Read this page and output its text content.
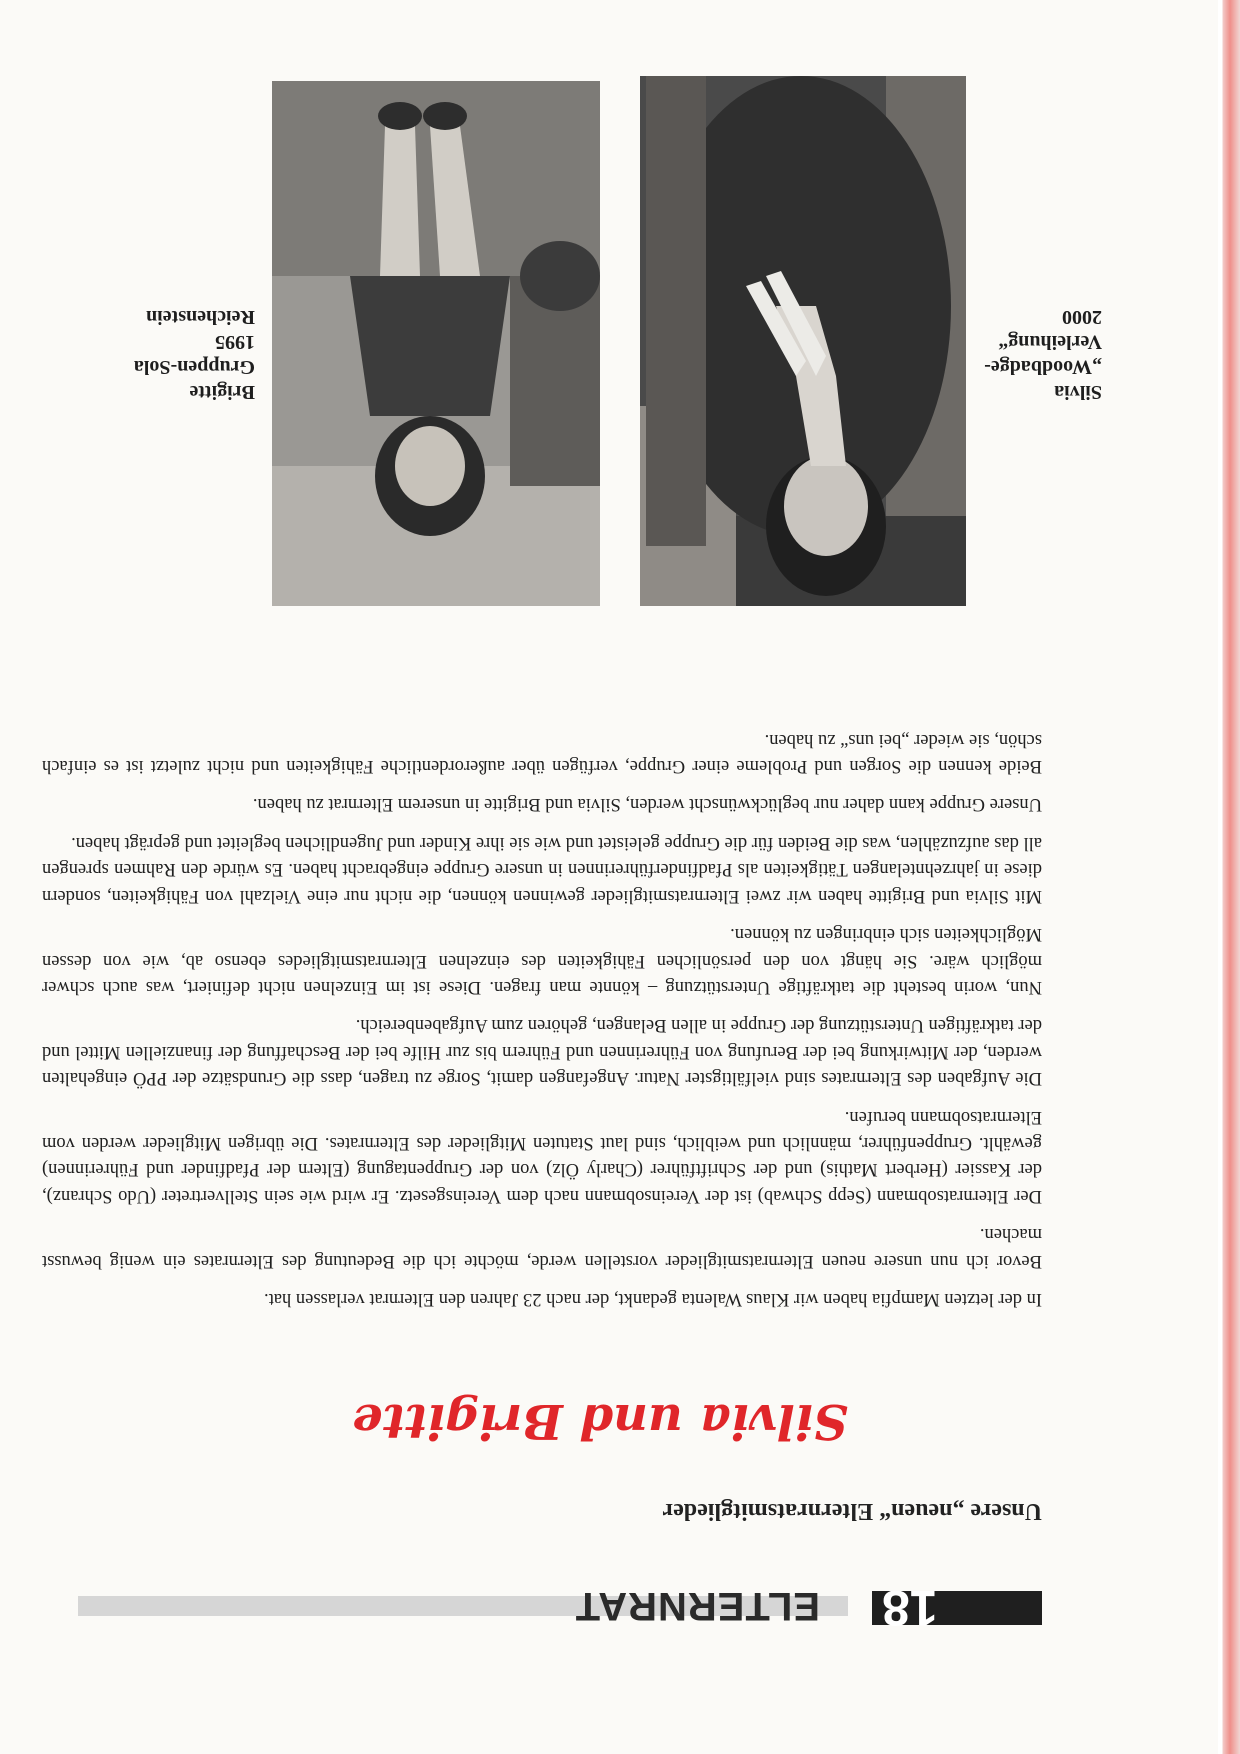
18
ELTERNRAT
Unsere „neuen“ Elternratsmitglieder
Silvia und Brigitte

In der letzten Mampfia haben wir Klaus Walenta gedankt, der nach 23 Jahren den Elternrat verlassen hat.

Bevor ich nun unsere neuen Elternratsmitglieder vorstellen werde, möchte ich die Bedeutung des Elternrates ein wenig bewusst machen.

Der Elternratsobmann (Sepp Schwab) ist der Vereinsobmann nach dem Vereinsgesetz. Er wird wie sein Stellvertreter (Udo Schranz), der Kassier (Herbert Mathis) und der Schriftführer (Charly Ölz) von der Gruppentagung (Eltern der Pfadfinder und Führerinnen) gewählt. Gruppenführer, männlich und weiblich, sind laut Statuten Mitglieder des Elternrates. Die übrigen Mitglieder werden vom Elternratsobmann berufen.

Die Aufgaben des Elternrates sind vielfältigster Natur. Angefangen damit, Sorge zu tragen, dass die Grundsätze der PPÖ eingehalten werden, der Mitwirkung bei der Berufung von Führerinnen und Führern bis zur Hilfe bei der Beschaffung der finanziellen Mittel und der tatkräftigen Unterstützung der Gruppe in allen Belangen, gehören zum Aufgabenbereich.

Nun, worin besteht die tatkräftige Unterstützung – könnte man fragen. Diese ist im Einzelnen nicht definiert, was auch schwer möglich wäre. Sie hängt von den persönlichen Fähigkeiten des einzelnen Elternratsmitgliedes ebenso ab, wie von dessen Möglichkeiten sich einbringen zu können.

Mit Silvia und Brigitte haben wir zwei Elternratsmitglieder gewinnen können, die nicht nur eine Vielzahl von Fähigkeiten, sondern diese in jahrzehntelangen Tätigkeiten als Pfadfinderführerinnen in unsere Gruppe eingebracht haben. Es würde den Rahmen sprengen all das aufzuzählen, was die Beiden für die Gruppe geleistet und wie sie ihre Kinder und Jugendlichen begleitet und geprägt haben.

Unsere Gruppe kann daher nur beglückwünscht werden, Silvia und Brigitte in unserem Elternrat zu haben.

Beide kennen die Sorgen und Probleme einer Gruppe, verfügen über außerordentliche Fähigkeiten und nicht zuletzt ist es einfach schön, sie wieder „bei uns“ zu haben.

Silvia
„Woodbadge-
Verleihung“
2000
Brigitte
Gruppen-Sola
1995
Reichenstein
